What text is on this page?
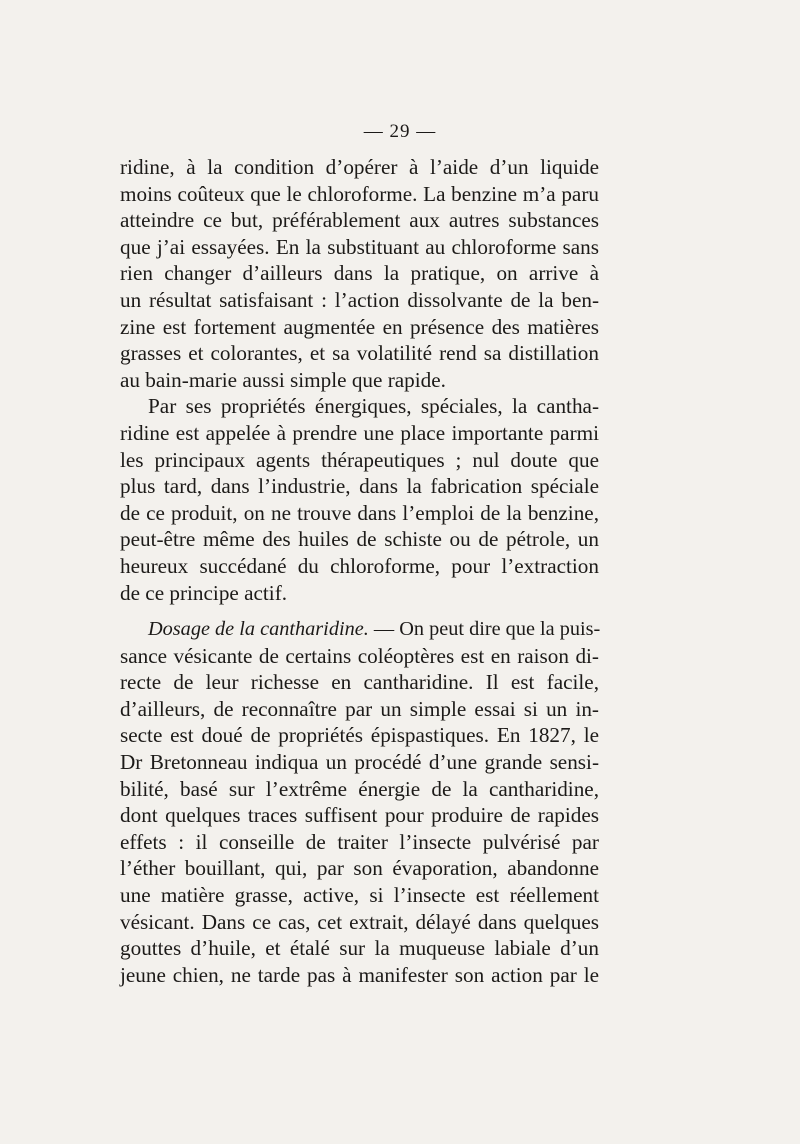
— 29 —
ridine, à la condition d’opérer à l’aide d’un liquide
moins coûteux que le chloroforme. La benzine m’a paru
atteindre ce but, préférablement aux autres substances
que j’ai essayées. En la substituant au chloroforme sans
rien changer d’ailleurs dans la pratique, on arrive à
un résultat satisfaisant : l’action dissolvante de la ben-
zine est fortement augmentée en présence des matières
grasses et colorantes, et sa volatilité rend sa distillation
au bain-marie aussi simple que rapide.
Par ses propriétés énergiques, spéciales, la cantha-
ridine est appelée à prendre une place importante parmi
les principaux agents thérapeutiques ; nul doute que
plus tard, dans l’industrie, dans la fabrication spéciale
de ce produit, on ne trouve dans l’emploi de la benzine,
peut-être même des huiles de schiste ou de pétrole, un
heureux succédané du chloroforme, pour l’extraction
de ce principe actif.
Dosage de la cantharidine. — On peut dire que la puis-
sance vésicante de certains coléoptères est en raison di-
recte de leur richesse en cantharidine. Il est facile,
d’ailleurs, de reconnaître par un simple essai si un in-
secte est doué de propriétés épispastiques. En 1827, le
Dr Bretonneau indiqua un procédé d’une grande sensi-
bilité, basé sur l’extrême énergie de la cantharidine,
dont quelques traces suffisent pour produire de rapides
effets : il conseille de traiter l’insecte pulvérisé par
l’éther bouillant, qui, par son évaporation, abandonne
une matière grasse, active, si l’insecte est réellement
vésicant. Dans ce cas, cet extrait, délayé dans quelques
gouttes d’huile, et étalé sur la muqueuse labiale d’un
jeune chien, ne tarde pas à manifester son action par le
